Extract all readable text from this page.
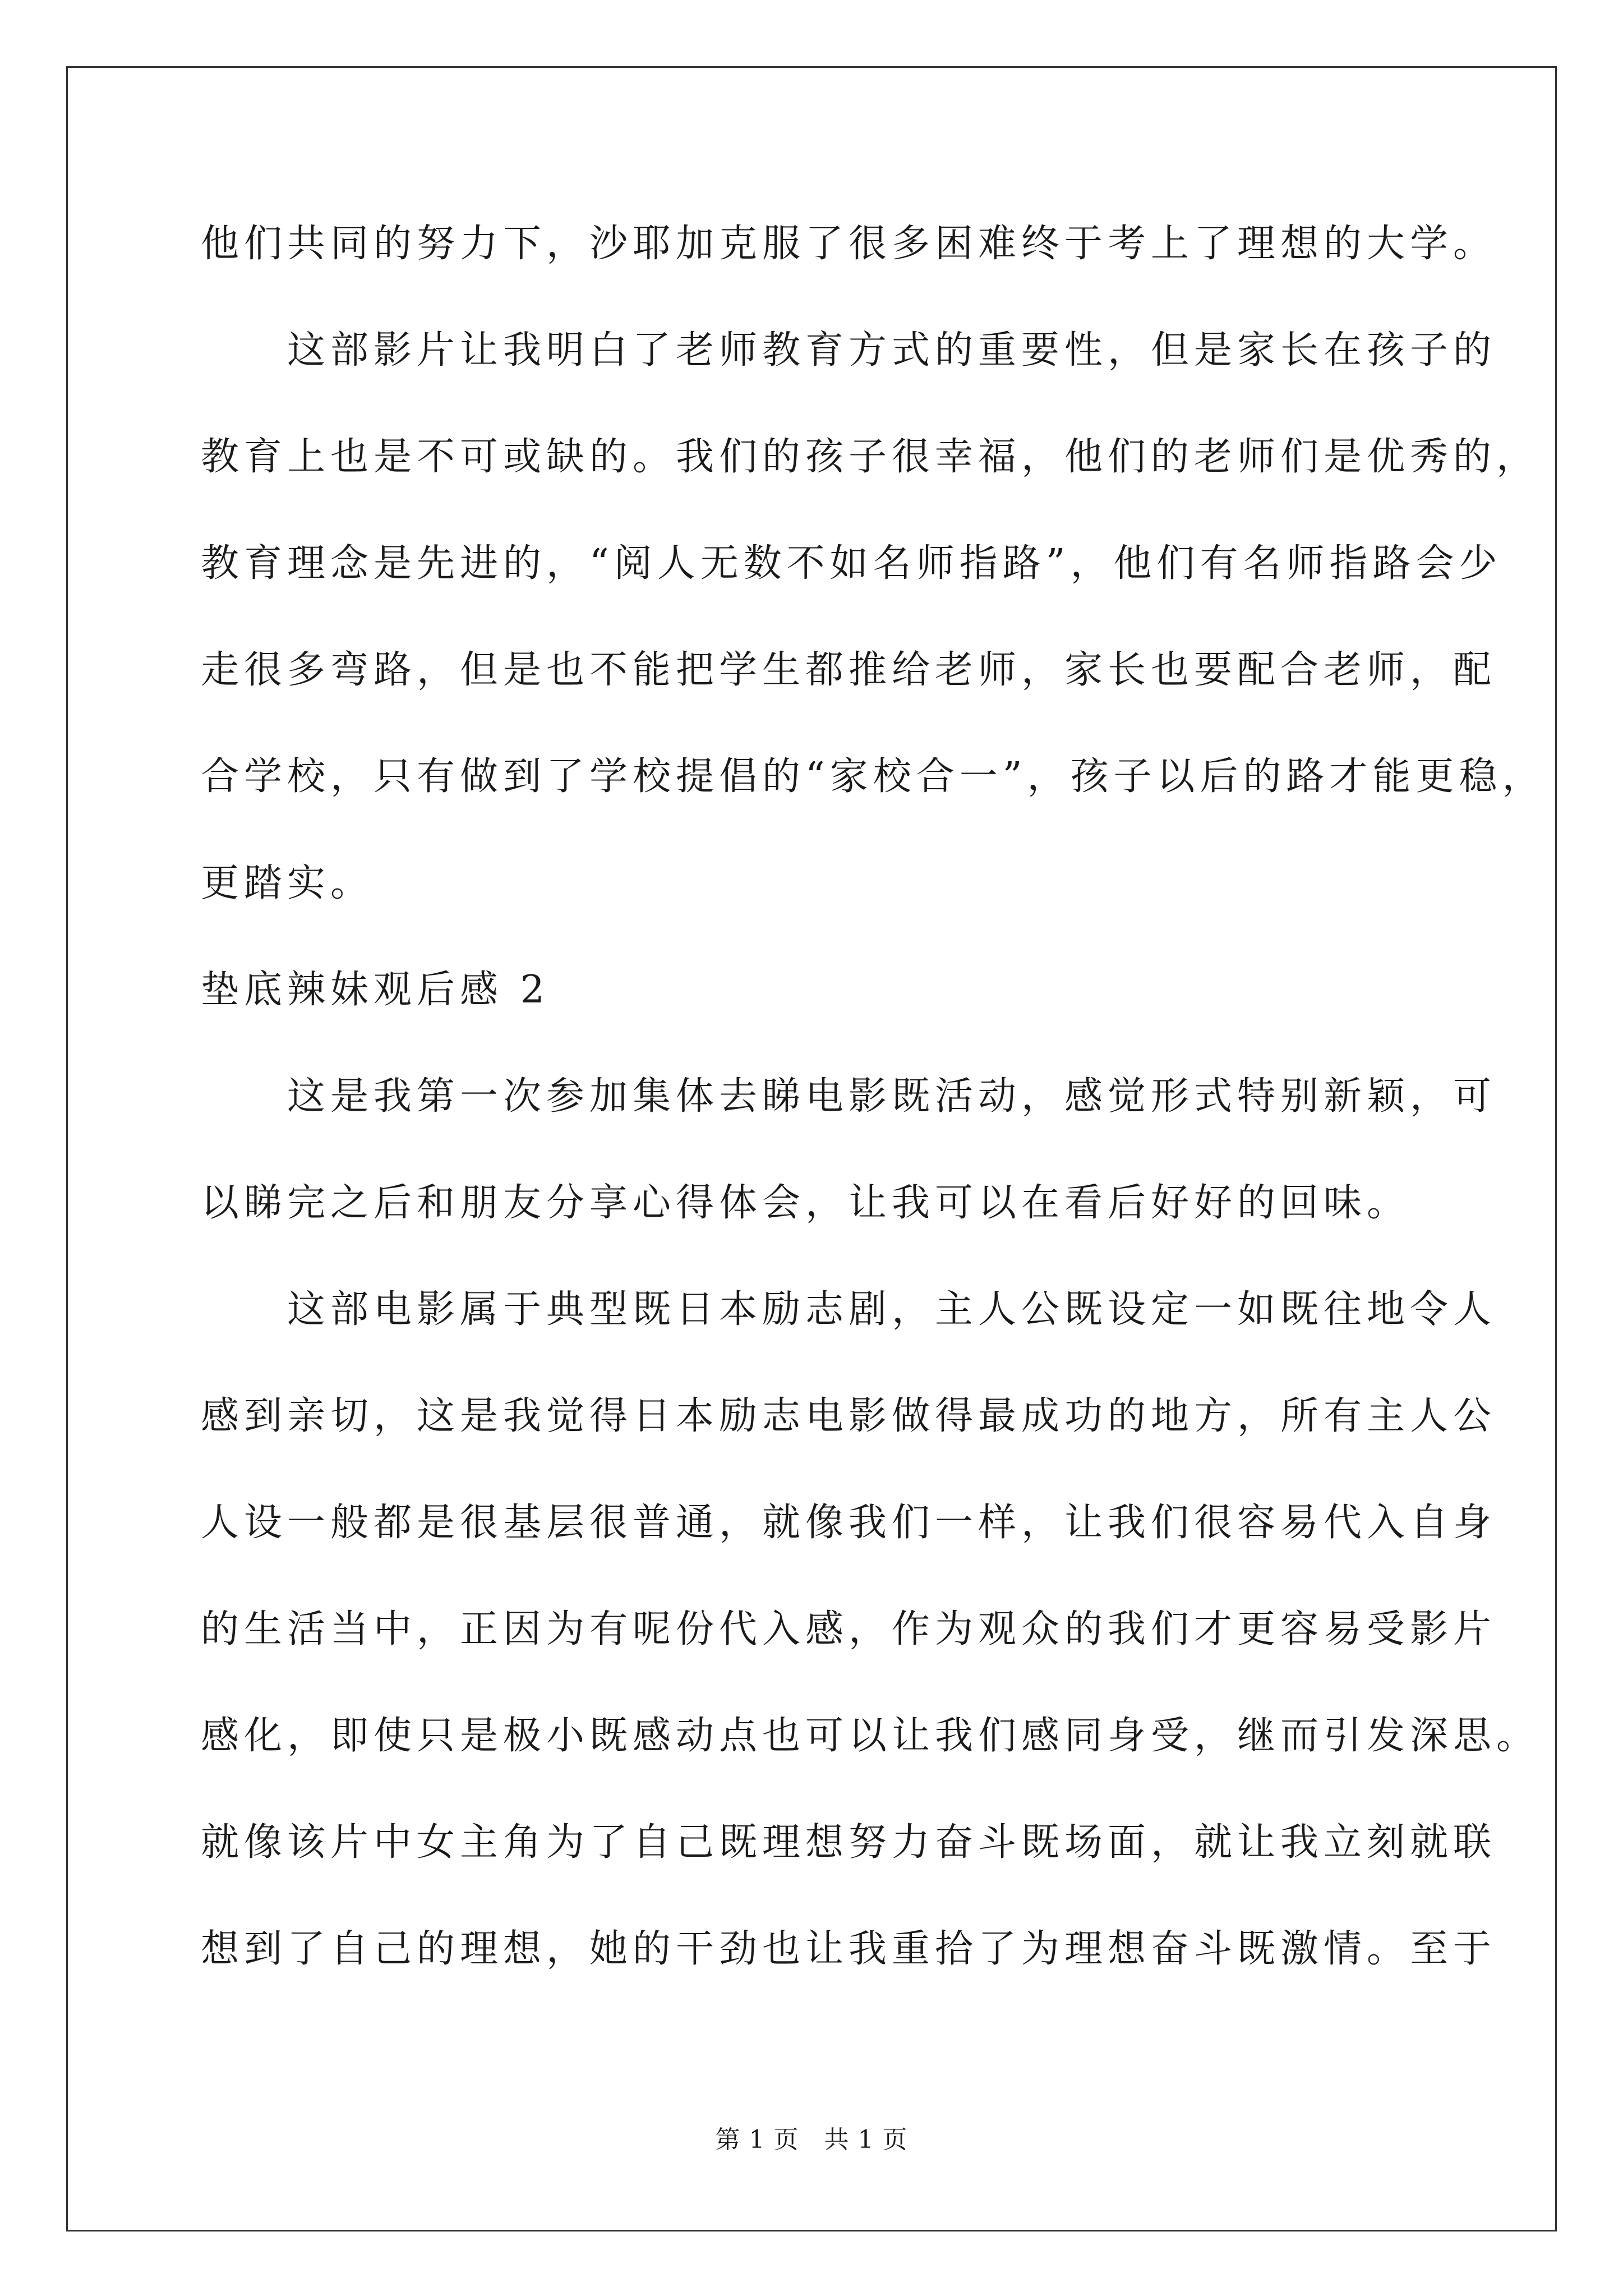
他们共同的努力下，沙耶加克服了很多困难终于考上了理想的大学。
　　这部影片让我明白了老师教育方式的重要性，但是家长在孩子的
教育上也是不可或缺的。我们的孩子很幸福，他们的老师们是优秀的，
教育理念是先进的，“阅人无数不如名师指路”，他们有名师指路会少
走很多弯路，但是也不能把学生都推给老师，家长也要配合老师，配
合学校，只有做到了学校提倡的“家校合一”，孩子以后的路才能更稳，
更踏实。
垫底辣妹观后感 2
　　这是我第一次参加集体去睇电影既活动，感觉形式特别新颖，可
以睇完之后和朋友分享心得体会，让我可以在看后好好的回味。
　　这部电影属于典型既日本励志剧，主人公既设定一如既往地令人
感到亲切，这是我觉得日本励志电影做得最成功的地方，所有主人公
人设一般都是很基层很普通，就像我们一样，让我们很容易代入自身
的生活当中，正因为有呢份代入感，作为观众的我们才更容易受影片
感化，即使只是极小既感动点也可以让我们感同身受，继而引发深思。
就像该片中女主角为了自己既理想努力奋斗既场面，就让我立刻就联
想到了自己的理想，她的干劲也让我重拾了为理想奋斗既激情。至于
第 1 页　共 1 页
